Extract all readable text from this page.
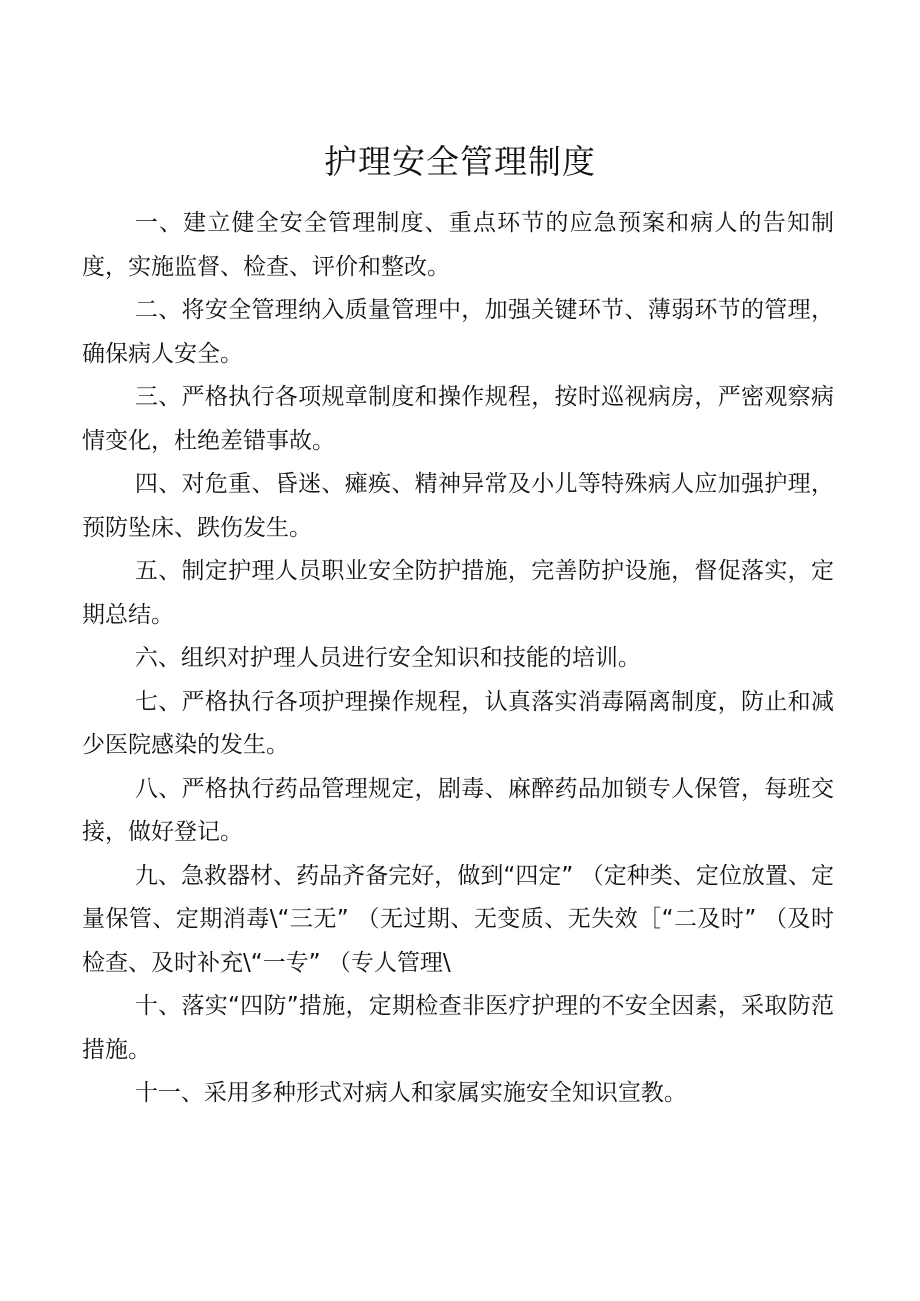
护理安全管理制度

一、建立健全安全管理制度、重点环节的应急预案和病人的告知制度，实施监督、检查、评价和整改。

二、将安全管理纳入质量管理中，加强关键环节、薄弱环节的管理，确保病人安全。

三、严格执行各项规章制度和操作规程，按时巡视病房，严密观察病情变化，杜绝差错事故。

四、对危重、昏迷、瘫痪、精神异常及小儿等特殊病人应加强护理，预防坠床、跌伤发生。

五、制定护理人员职业安全防护措施，完善防护设施，督促落实，定期总结。

六、组织对护理人员进行安全知识和技能的培训。

七、严格执行各项护理操作规程，认真落实消毒隔离制度，防止和减少医院感染的发生。

八、严格执行药品管理规定，剧毒、麻醉药品加锁专人保管，每班交接，做好登记。

九、急救器材、药品齐备完好，做到“四定” （定种类、定位放置、定量保管、定期消毒\“三无” （无过期、无变质、无失效［“二及时” （及时检查、及时补充\“一专” （专人管理\

十、落实“四防”措施，定期检查非医疗护理的不安全因素，采取防范措施。

十一、采用多种形式对病人和家属实施安全知识宣教。
